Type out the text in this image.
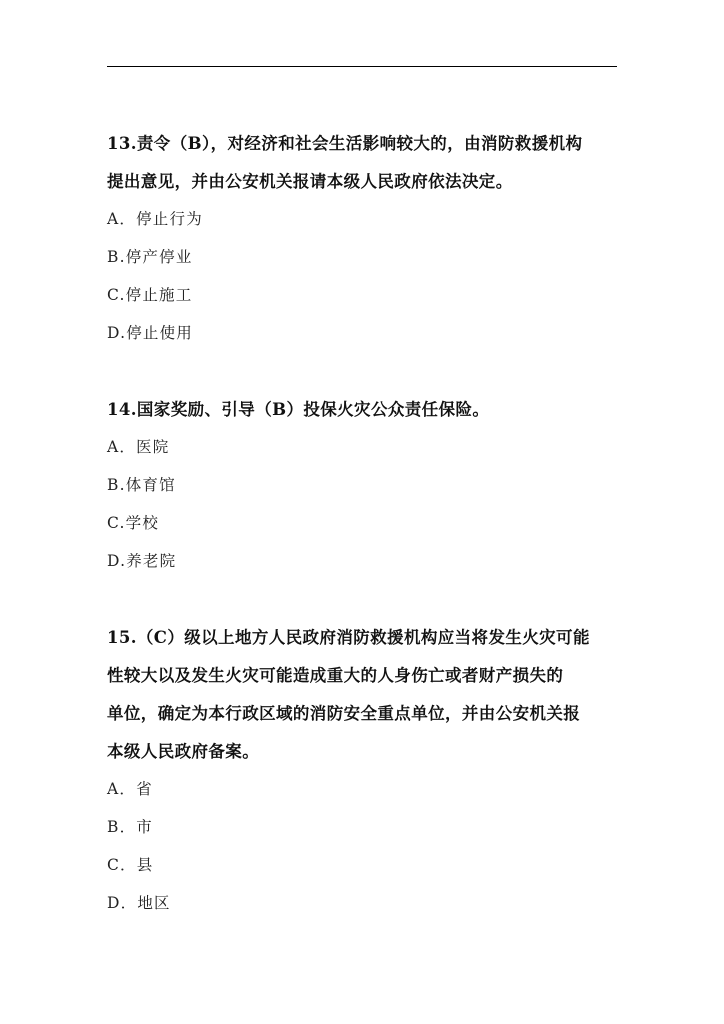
13.责令（B），对经济和社会生活影响较大的，由消防救援机构
提出意见，并由公安机关报请本级人民政府依法决定。
A．停止行为
B.停产停业
C.停止施工
D.停止使用
14.国家奖励、引导（B）投保火灾公众责任保险。
A．医院
B.体育馆
C.学校
D.养老院
15.（C）级以上地方人民政府消防救援机构应当将发生火灾可能
性较大以及发生火灾可能造成重大的人身伤亡或者财产损失的
单位，确定为本行政区域的消防安全重点单位，并由公安机关报
本级人民政府备案。
A．省
B．市
C．县
D．地区
